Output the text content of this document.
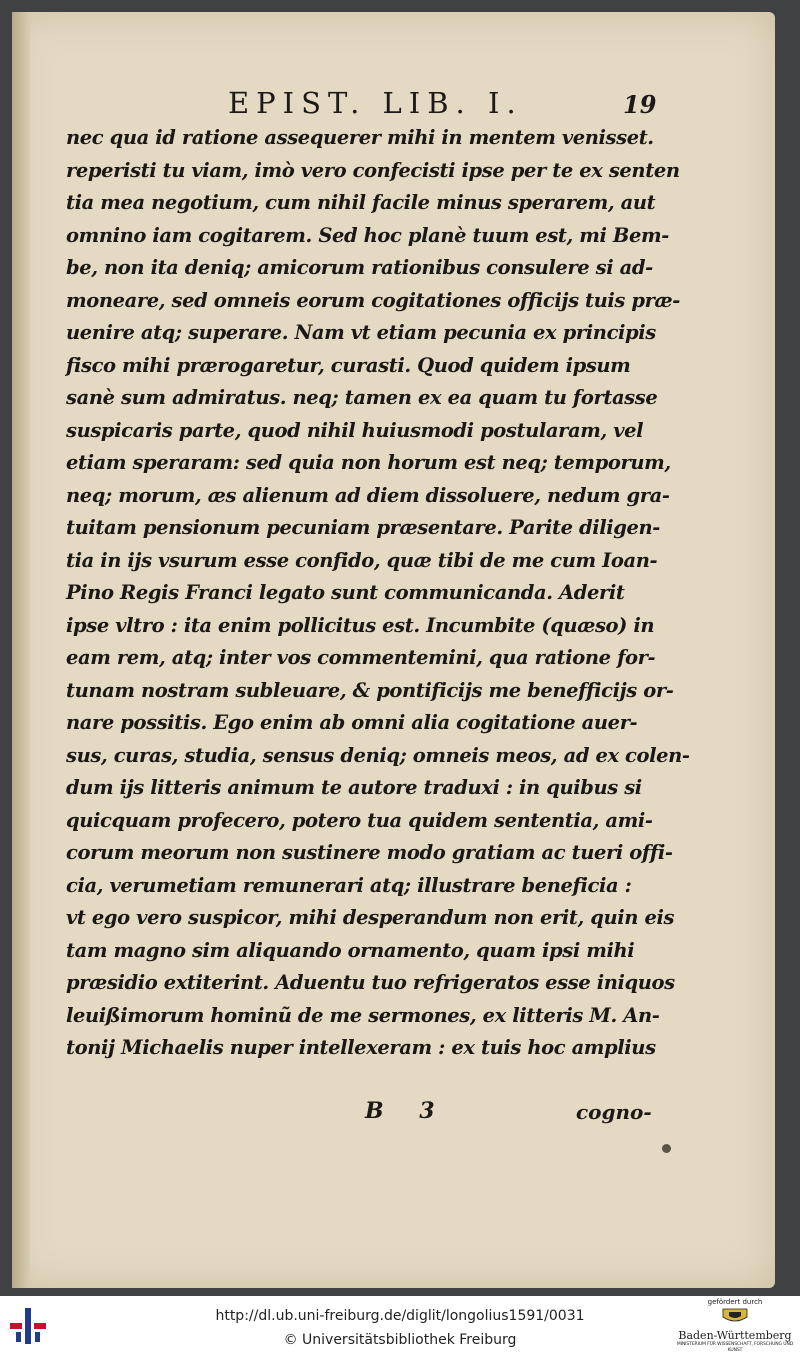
EPIST. LIB. I.	19
nec qua id ratione assequerer mihi in mentem venisset.
reperisti tu viam, imò vero confecisti ipse per te ex senten
tia mea negotium, cum nihil facile minus sperarem, aut
omnino iam cogitarem. Sed hoc planè tuum est, mi Bem-
be, non ita deniq; amicorum rationibus consulere si ad-
moneare, sed omneis eorum cogitationes officijs tuis præ-
uenire atq; superare. Nam vt etiam pecunia ex principis
fisco mihi prærogaretur, curasti. Quod quidem ipsum
sanè sum admiratus. neq; tamen ex ea quam tu fortasse
suspicaris parte, quod nihil huiusmodi postularam, vel
etiam speraram: sed quia non horum est neq; temporum,
neq; morum, æs alienum ad diem dissoluere, nedum gra-
tuitam pensionum pecuniam præsentare. Parite diligen-
tia in ijs vsurum esse confido, quæ tibi de me cum Ioan-
Pino Regis Franci legato sunt communicanda. Aderit
ipse vltro : ita enim pollicitus est. Incumbite (quæso) in
eam rem, atq; inter vos commentemini, qua ratione for-
tunam nostram subleuare, & pontificijs me benefficijs or-
nare possitis. Ego enim ab omni alia cogitatione auer-
sus, curas, studia, sensus deniq; omneis meos, ad ex colen-
dum ijs litteris animum te autore traduxi : in quibus si
quicquam profecero, potero tua quidem sententia, ami-
corum meorum non sustinere modo gratiam ac tueri offi-
cia, verumetiam remunerari atq; illustrare beneficia :
vt ego vero suspicor, mihi desperandum non erit, quin eis
tam magno sim aliquando ornamento, quam ipsi mihi
præsidio extiterint. Aduentu tuo refrigeratos esse iniquos
leuißimorum hominũ de me sermones, ex litteris M. An-
tonij Michaelis nuper intellexeram : ex tuis hoc amplius
B 3	cogno-
http://dl.ub.uni-freiburg.de/diglit/longolius1591/0031
© Universitätsbibliothek Freiburg
gefördert durch
Baden-Württemberg
MINISTERIUM FÜR WISSENSCHAFT, FORSCHUNG UND KUNST
